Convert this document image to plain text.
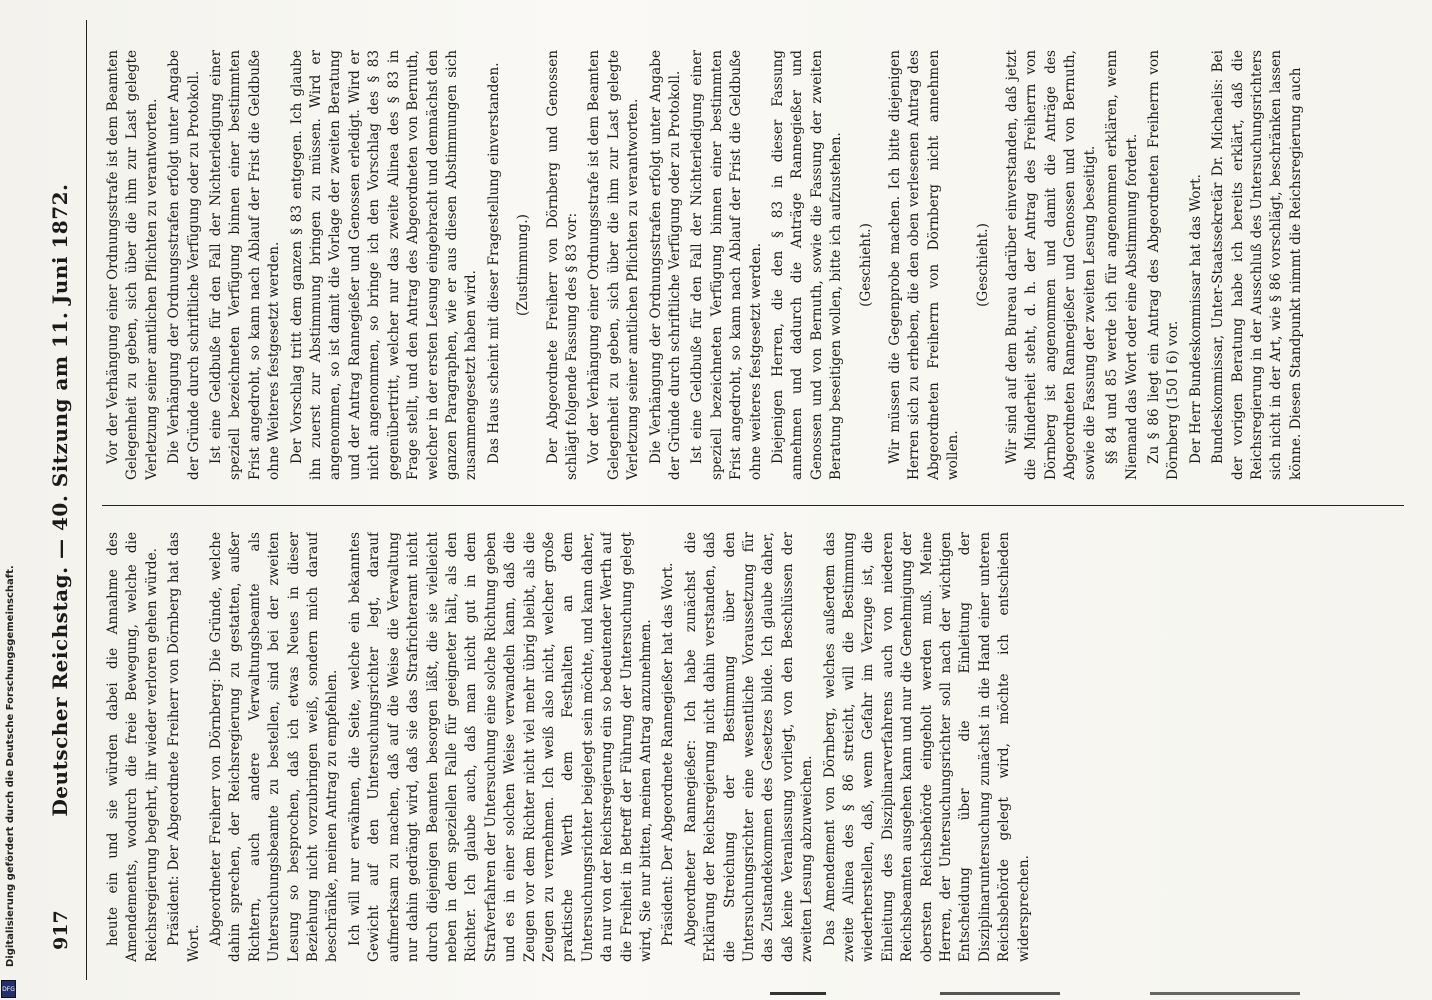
Digitalisierung gefördert durch die Deutsche Forschungsgemeinschaft.
DFG
917
Deutscher Reichstag. — 40. Sitzung am 11. Juni 1872. heute ein und sie würden dabei die Annahme des Amendements, wodurch die freie Bewegung, welche die Reichsregierung begehrt, ihr wieder verloren gehen würde. Präsident: Der Abgeordnete Freiherr von Dörnberg hat das Wort. Abgeordneter Freiherr von Dörnberg: Die Gründe, welche dahin sprechen, der Reichsregierung zu gestatten, außer Richtern, auch andere Verwaltungsbeamte als Untersuchungsbeamte zu bestellen, sind bei der zweiten Lesung so besprochen, daß ich etwas Neues in dieser Beziehung nicht vorzubringen weiß, sondern mich darauf beschränke, meinen Antrag zu empfehlen. Ich will nur erwähnen, die Seite, welche ein bekanntes Gewicht auf den Untersuchungsrichter legt, darauf aufmerksam zu machen, daß auf die Weise die Verwaltung nur dahin gedrängt wird, daß sie das Strafrichteramt nicht durch diejenigen Beamten besorgen läßt, die sie vielleicht neben in dem speziellen Falle für geeigneter hält, als den Richter. Ich glaube auch, daß man nicht gut in dem Strafverfahren der Untersuchung eine solche Richtung geben und es in einer solchen Weise verwandeln kann, daß die Zeugen vor dem Richter nicht viel mehr übrig bleibt, als die Zeugen zu vernehmen. Ich weiß also nicht, welcher große praktische Werth dem Festhalten an dem Untersuchungsrichter beigelegt sein möchte, und kann daher, da nur von der Reichsregierung ein so bedeutender Werth auf die Freiheit in Betreff der Führung der Untersuchung gelegt wird, Sie nur bitten, meinen Antrag anzunehmen. Präsident: Der Abgeordnete Rannegießer hat das Wort. Abgeordneter Rannegießer: Ich habe zunächst die Erklärung der Reichsregierung nicht dahin verstanden, daß die Streichung der Bestimmung über den Untersuchungsrichter eine wesentliche Voraussetzung für das Zustandekommen des Gesetzes bilde. Ich glaube daher, daß keine Veranlassung vorliegt, von den Beschlüssen der zweiten Lesung abzuweichen. Das Amendement von Dörnberg, welches außerdem das zweite Alinea des § 86 streicht, will die Bestimmung wiederherstellen, daß, wenn Gefahr im Verzuge ist, die Einleitung des Disziplinarverfahrens auch von niederen Reichsbeamten ausgehen kann und nur die Genehmigung der obersten Reichsbehörde eingeholt werden muß. Meine Herren, der Untersuchungsrichter soll nach der wichtigen Entscheidung über die Einleitung der Disziplinaruntersuchung zunächst in die Hand einer unteren Reichsbehörde gelegt wird, möchte ich entschieden widersprechen.

Vor der Verhängung einer Ordnungsstrafe ist dem Beamten Gelegenheit zu geben, sich über die ihm zur Last gelegte Verletzung seiner amtlichen Pflichten zu verantworten. Die Verhängung der Ordnungsstrafen erfolgt unter Angabe der Gründe durch schriftliche Verfügung oder zu Protokoll. Ist eine Geldbuße für den Fall der Nichterledigung einer speziell bezeichneten Verfügung binnen einer bestimmten Frist angedroht, so kann nach Ablauf der Frist die Geldbuße ohne Weiteres festgesetzt werden. Der Vorschlag tritt dem ganzen § 83 entgegen. Ich glaube ihn zuerst zur Abstimmung bringen zu müssen. Wird er angenommen, so ist damit die Vorlage der zweiten Beratung und der Antrag Rannegießer und Genossen erledigt. Wird er nicht angenommen, so bringe ich den Vorschlag des § 83 gegenübertritt, welcher nur das zweite Alinea des § 83 in Frage stellt, und den Antrag des Abgeordneten von Bernuth, welcher in der ersten Lesung eingebracht und demnächst den ganzen Paragraphen, wie er aus diesen Abstimmungen sich zusammengesetzt haben wird. Das Haus scheint mit dieser Fragestellung einverstanden. (Zustimmung.) Der Abgeordnete Freiherr von Dörnberg und Genossen schlägt folgende Fassung des § 83 vor: Vor der Verhängung einer Ordnungsstrafe ist dem Beamten Gelegenheit zu geben, sich über die ihm zur Last gelegte Verletzung seiner amtlichen Pflichten zu verantworten. Die Verhängung der Ordnungsstrafen erfolgt unter Angabe der Gründe durch schriftliche Verfügung oder zu Protokoll. Ist eine Geldbuße für den Fall der Nichterledigung einer speziell bezeichneten Verfügung binnen einer bestimmten Frist angedroht, so kann nach Ablauf der Frist die Geldbuße ohne weiteres festgesetzt werden. Diejenigen Herren, die den § 83 in dieser Fassung annehmen und dadurch die Anträge Rannegießer und Genossen und von Bernuth, sowie die Fassung der zweiten Beratung beseitigen wollen, bitte ich aufzustehen. (Geschieht.) Wir müssen die Gegenprobe machen. Ich bitte diejenigen Herren sich zu erheben, die den oben verlesenen Antrag des Abgeordneten Freiherrn von Dörnberg nicht annehmen wollen.

(Geschieht.) Wir sind auf dem Bureau darüber einverstanden, daß jetzt die Minderheit steht, d. h. der Antrag des Freiherrn von Dörnberg ist angenommen und damit die Anträge des Abgeordneten Rannegießer und Genossen und von Bernuth, sowie die Fassung der zweiten Lesung beseitigt. §§ 84 und 85 werde ich für angenommen erklären, wenn Niemand das Wort oder eine Abstimmung fordert. Zu § 86 liegt ein Antrag des Abgeordneten Freiherrn von Dörnberg (150 I 6) vor. Der Herr Bundeskommissar hat das Wort. Bundeskommissar, Unter-Staatssekretär Dr. Michaelis: Bei der vorigen Beratung habe ich bereits erklärt, daß die Reichsregierung in der Ausschluß des Untersuchungsrichters sich nicht in der Art, wie § 86 vorschlägt, beschränken lassen könne. Diesen Standpunkt nimmt die Reichsregierung auch
